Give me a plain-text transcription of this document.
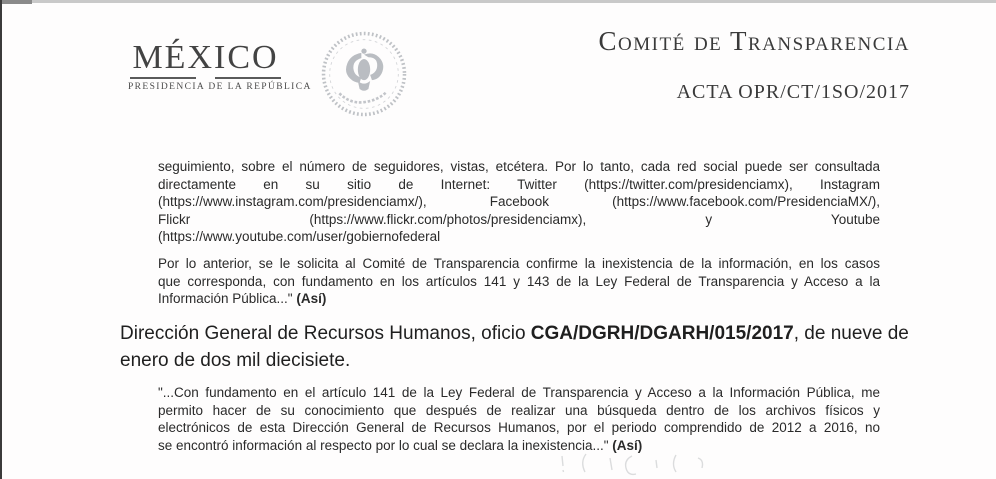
MÉXICO
PRESIDENCIA DE LA REPÚBLICA
Comité de Transparencia
ACTA OPR/CT/1SO/2017
seguimiento, sobre el número de seguidores, vistas, etcétera. Por lo tanto, cada red social puede ser consultada
directamente en su sitio de Internet: Twitter (https://twitter.com/presidenciamx), Instagram
(https://www.instagram.com/presidenciamx/), Facebook (https://www.facebook.com/PresidenciaMX/),
Flickr (https://www.flickr.com/photos/presidenciamx), y Youtube
(https://www.youtube.com/user/gobiernofederal
Por lo anterior, se le solicita al Comité de Transparencia confirme la inexistencia de la información, en los casos
que corresponda, con fundamento en los artículos 141 y 143 de la Ley Federal de Transparencia y Acceso a la
Información Pública..." (Así)
Dirección General de Recursos Humanos, oficio CGA/DGRH/DGARH/015/2017, de nueve de
enero de dos mil diecisiete.
"...Con fundamento en el artículo 141 de la Ley Federal de Transparencia y Acceso a la Información Pública, me
permito hacer de su conocimiento que después de realizar una búsqueda dentro de los archivos físicos y
electrónicos de esta Dirección General de Recursos Humanos, por el periodo comprendido de 2012 a 2016, no
se encontró información al respecto por lo cual se declara la inexistencia..." (Así)
